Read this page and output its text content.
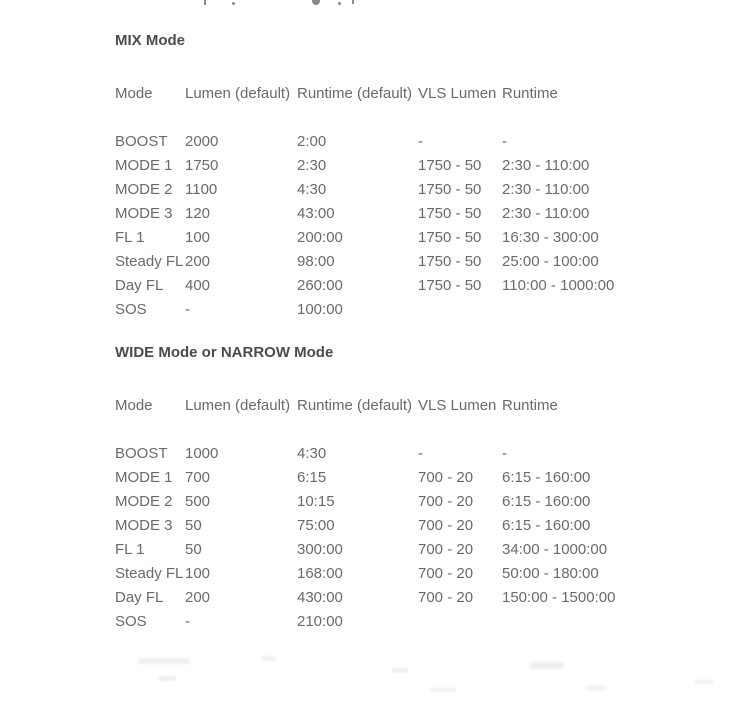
MIX Mode
Mode	Lumen (default)	Runtime (default)	VLS Lumen	Runtime

BOOST	2000	2:00	-	-
MODE 1	1750	2:30	1750 - 50	2:30 - 110:00
MODE 2	1100	4:30	1750 - 50	2:30 - 110:00
MODE 3	120	43:00	1750 - 50	2:30 - 110:00
FL 1	100	200:00	1750 - 50	16:30 - 300:00
Steady FL	200	98:00	1750 - 50	25:00 - 100:00
Day FL	400	260:00	1750 - 50	110:00 - 1000:00
SOS	-	100:00		
WIDE Mode or NARROW Mode
Mode	Lumen (default)	Runtime (default)	VLS Lumen	Runtime

BOOST	1000	4:30	-	-
MODE 1	700	6:15	700 - 20	6:15 - 160:00
MODE 2	500	10:15	700 - 20	6:15 - 160:00
MODE 3	50	75:00	700 - 20	6:15 - 160:00
FL 1	50	300:00	700 - 20	34:00 - 1000:00
Steady FL	100	168:00	700 - 20	50:00 - 180:00
Day FL	200	430:00	700 - 20	150:00 - 1500:00
SOS	-	210:00		
